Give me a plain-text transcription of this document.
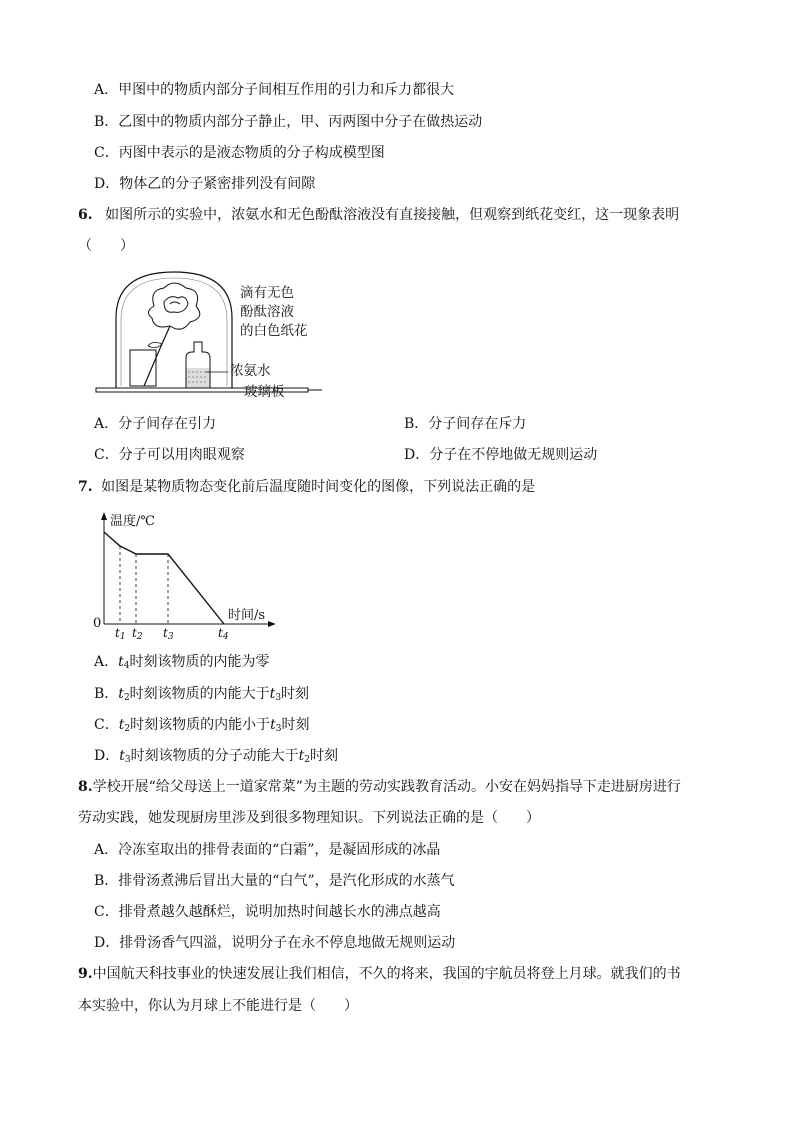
A．甲图中的物质内部分子间相互作用的引力和斥力都很大
B．乙图中的物质内部分子静止，甲、丙两图中分子在做热运动
C．丙图中表示的是液态物质的分子构成模型图
D．物体乙的分子紧密排列没有间隙
6. 如图所示的实验中，浓氨水和无色酚酞溶液没有直接接触，但观察到纸花变红，这一现象表明
（　　）
滴有无色
酚酞溶液
的白色纸花
浓氨水
玻璃板
A．分子间存在引力	B．分子间存在斥力
C．分子可以用肉眼观察	D．分子在不停地做无规则运动
7. 如图是某物质物态变化前后温度随时间变化的图像，下列说法正确的是
温度/℃
时间/s
0
$t_1$ $t_2$ $t_3$	$t_4$
A．$t_4$时刻该物质的内能为零
B．$t_2$时刻该物质的内能大于$t_3$时刻
C．$t_2$时刻该物质的内能小于$t_3$时刻
D．$t_3$时刻该物质的分子动能大于$t_2$时刻
8.学校开展“给父母送上一道家常菜”为主题的劳动实践教育活动。小安在妈妈指导下走进厨房进行
劳动实践，她发现厨房里涉及到很多物理知识。下列说法正确的是（　　）
A．冷冻室取出的排骨表面的“白霜”，是凝固形成的冰晶
B．排骨汤煮沸后冒出大量的“白气”，是汽化形成的水蒸气
C．排骨煮越久越酥烂，说明加热时间越长水的沸点越高
D．排骨汤香气四溢，说明分子在永不停息地做无规则运动
9.中国航天科技事业的快速发展让我们相信，不久的将来，我国的宇航员将登上月球。就我们的书
本实验中，你认为月球上不能进行是（　　）
